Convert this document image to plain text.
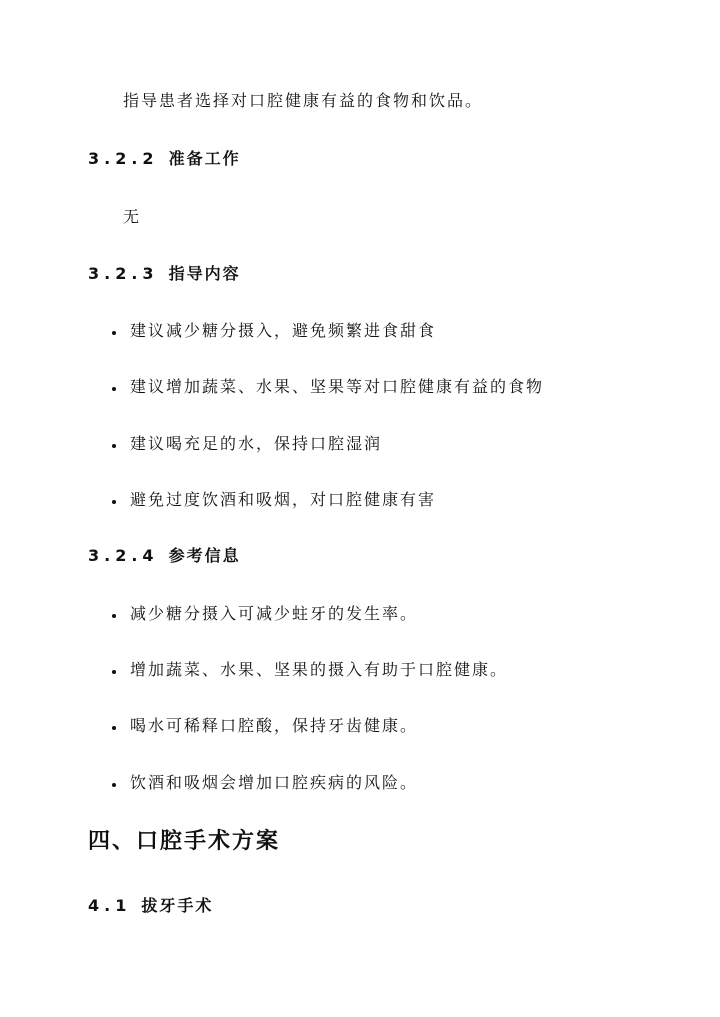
指导患者选择对口腔健康有益的食物和饮品。
3.2.2 准备工作
无
3.2.3 指导内容
建议减少糖分摄入，避免频繁进食甜食
建议增加蔬菜、水果、坚果等对口腔健康有益的食物
建议喝充足的水，保持口腔湿润
避免过度饮酒和吸烟，对口腔健康有害
3.2.4 参考信息
减少糖分摄入可减少蛀牙的发生率。
增加蔬菜、水果、坚果的摄入有助于口腔健康。
喝水可稀释口腔酸，保持牙齿健康。
饮酒和吸烟会增加口腔疾病的风险。
四、口腔手术方案
4.1 拔牙手术
